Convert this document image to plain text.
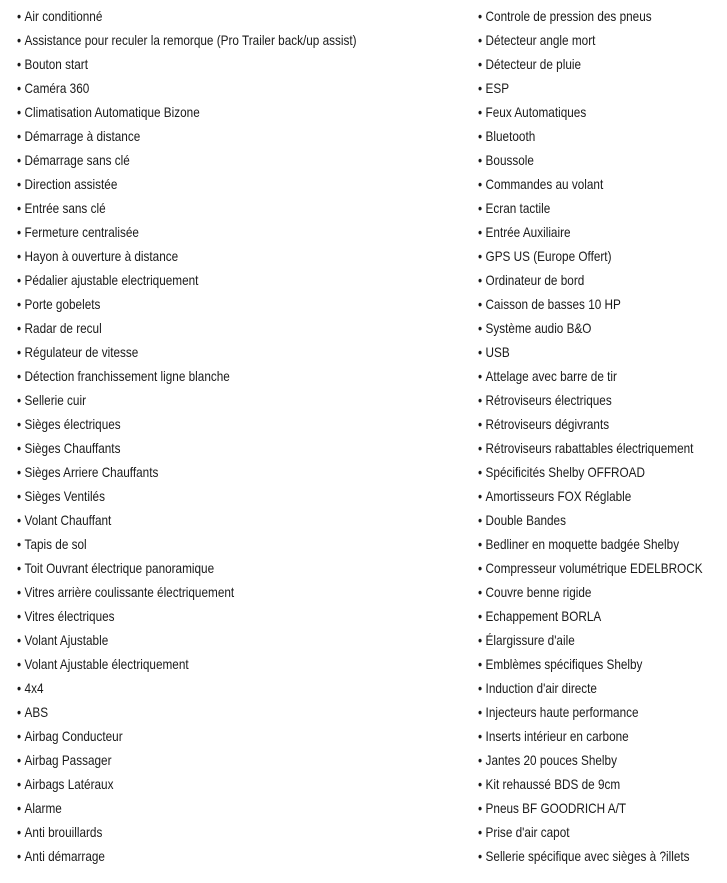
•Air conditionné
•Assistance pour reculer la remorque (Pro Trailer back/up assist)
•Bouton start
•Caméra 360
•Climatisation Automatique Bizone
•Démarrage à distance
•Démarrage sans clé
•Direction assistée
•Entrée sans clé
•Fermeture centralisée
•Hayon à ouverture à distance
•Pédalier ajustable electriquement
•Porte gobelets
•Radar de recul
•Régulateur de vitesse
•Détection franchissement ligne blanche
•Sellerie cuir
•Sièges électriques
•Sièges Chauffants
•Sièges Arriere Chauffants
•Sièges Ventilés
•Volant Chauffant
•Tapis de sol
•Toit Ouvrant électrique panoramique
•Vitres arrière coulissante électriquement
•Vitres électriques
•Volant Ajustable
•Volant Ajustable électriquement
•4x4
•ABS
•Airbag Conducteur
•Airbag Passager
•Airbags Latéraux
•Alarme
•Anti brouillards
•Anti démarrage
•Controle de pression des pneus
•Détecteur angle mort
•Détecteur de pluie
•ESP
•Feux Automatiques
•Bluetooth
•Boussole
•Commandes au volant
•Ecran tactile
•Entrée Auxiliaire
•GPS US (Europe Offert)
•Ordinateur de bord
•Caisson de basses 10 HP
•Système audio B&O
•USB
•Attelage avec barre de tir
•Rétroviseurs électriques
•Rétroviseurs dégivrants
•Rétroviseurs rabattables électriquement
•Spécificités Shelby OFFROAD
•Amortisseurs FOX Réglable
•Double Bandes
•Bedliner en moquette badgée Shelby
•Compresseur volumétrique EDELBROCK
•Couvre benne rigide
•Echappement BORLA
•Élargissure d'aile
•Emblèmes spécifiques Shelby
•Induction d'air directe
•Injecteurs haute performance
•Inserts intérieur en carbone
•Jantes 20 pouces Shelby
•Kit rehaussé BDS de 9cm
•Pneus BF GOODRICH A/T
•Prise d'air capot
•Sellerie spécifique avec sièges à ?illets
